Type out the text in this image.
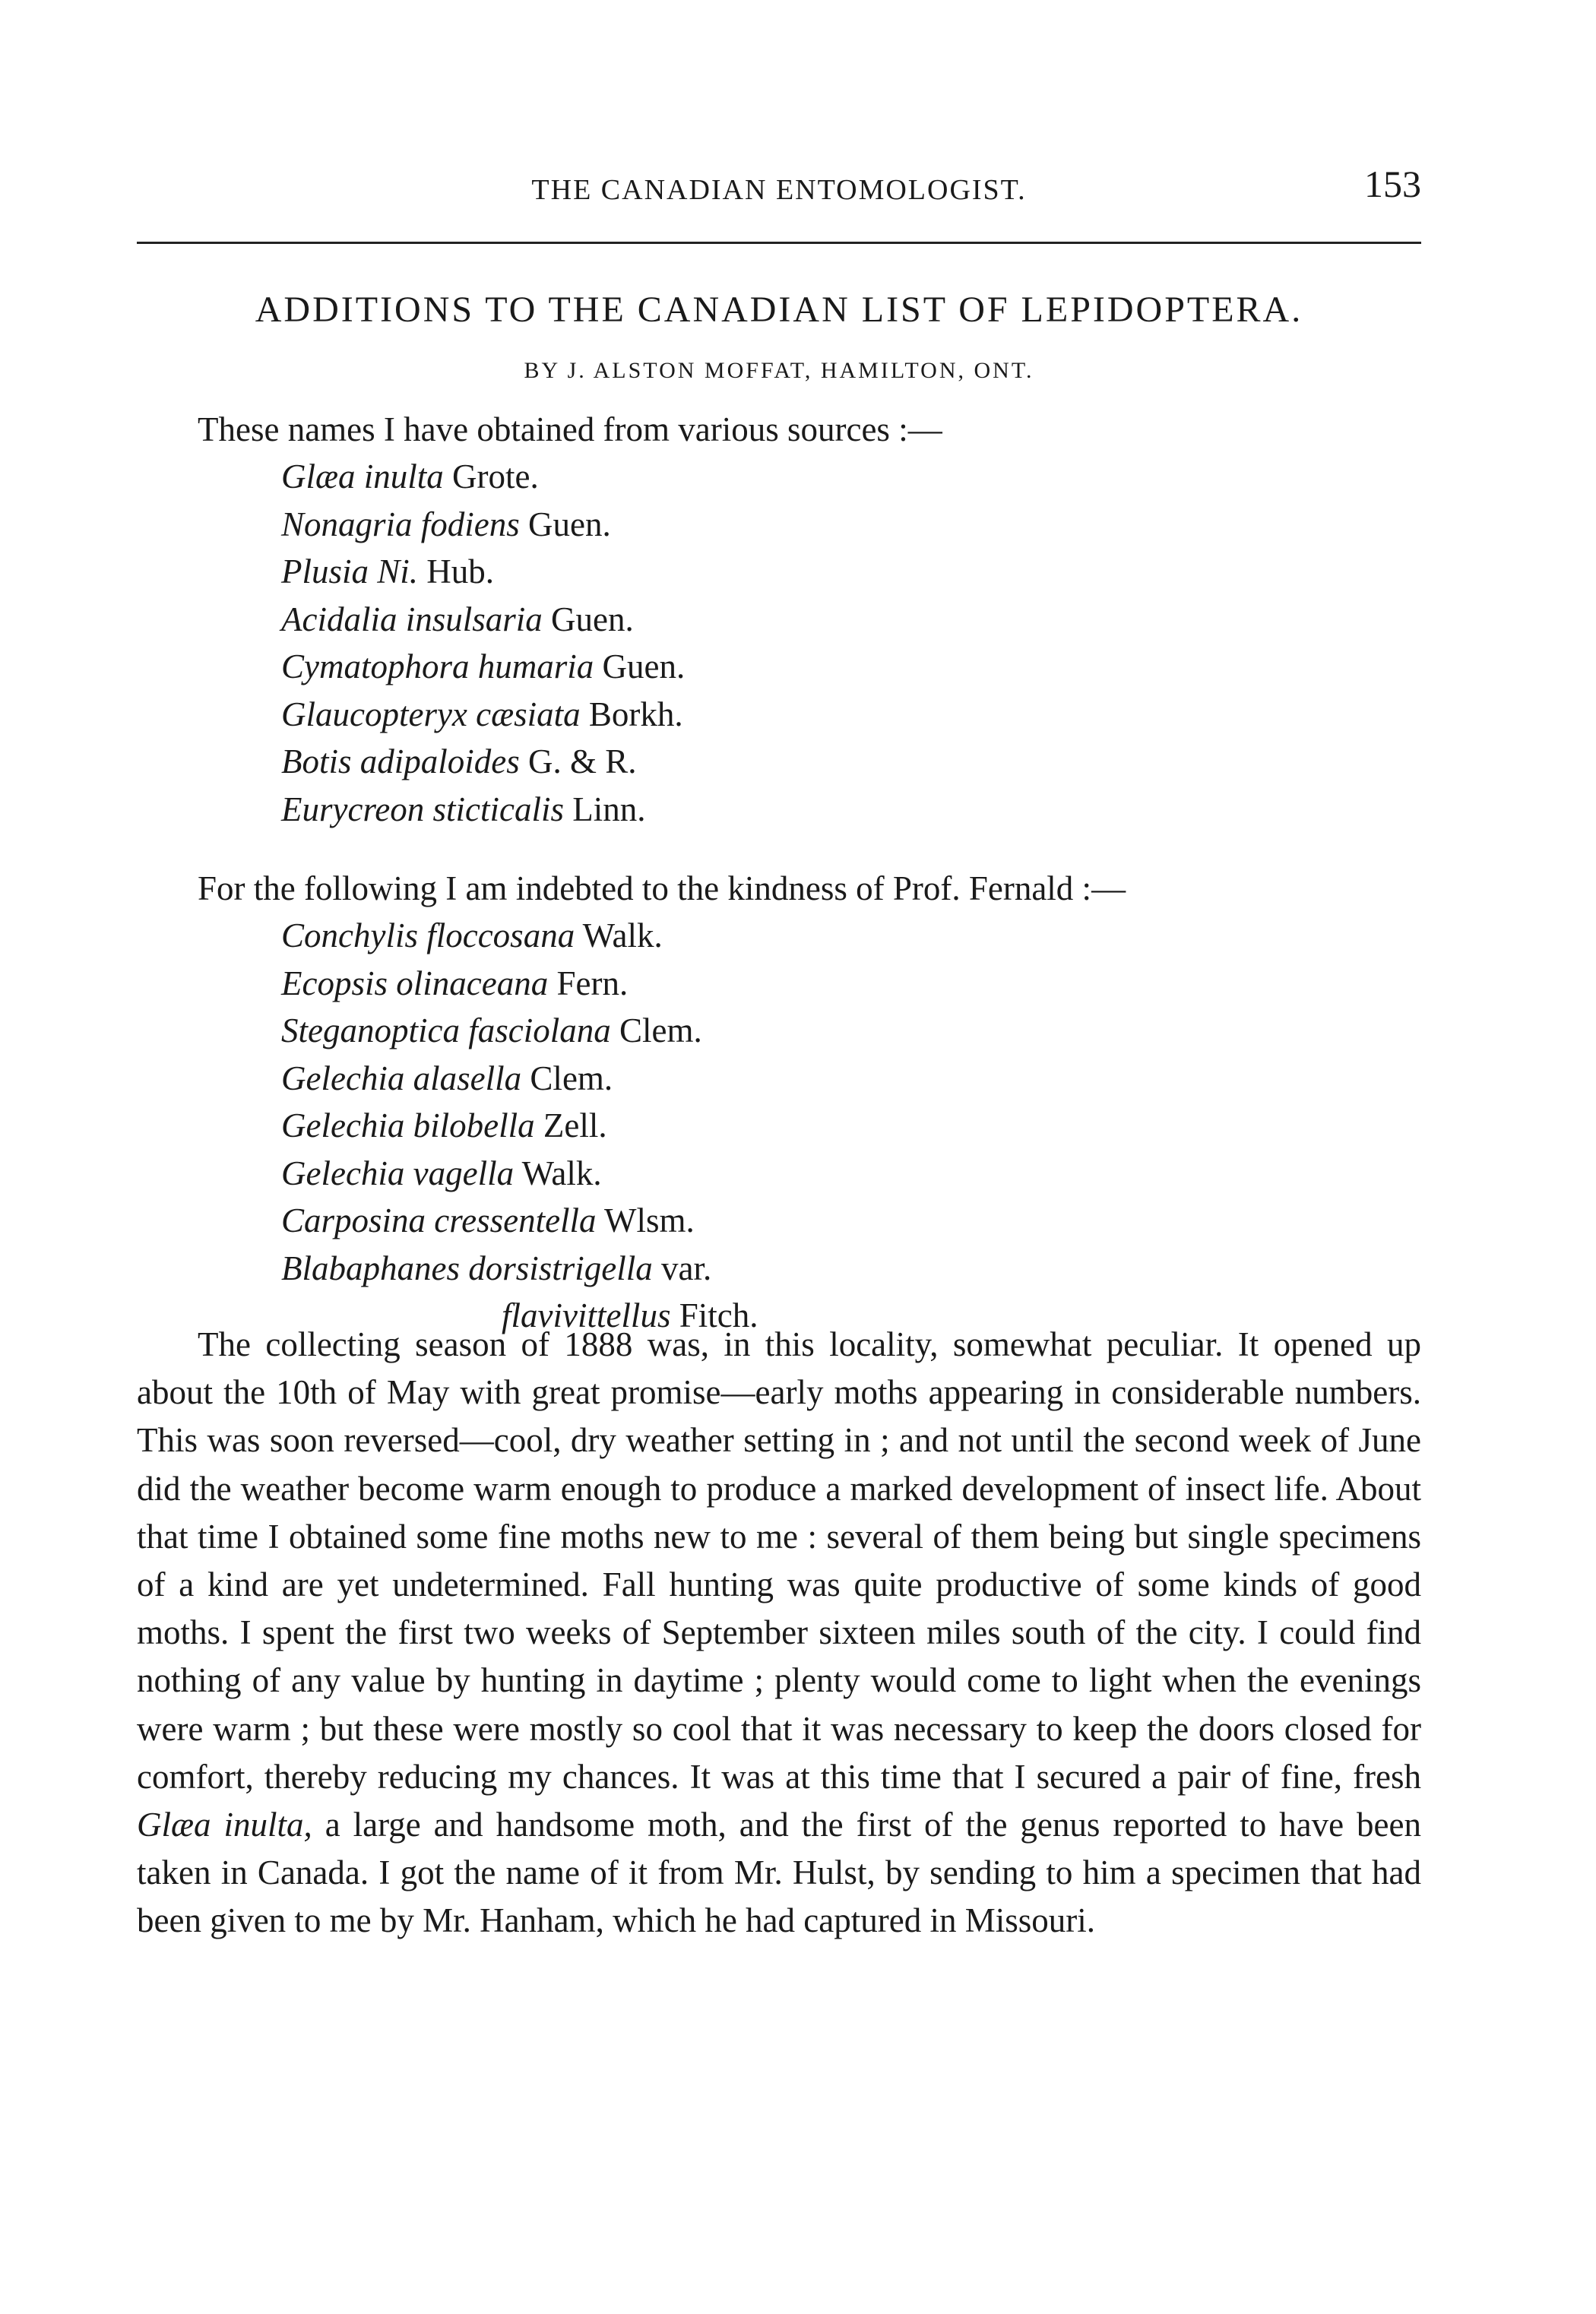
THE CANADIAN ENTOMOLOGIST.	153
ADDITIONS TO THE CANADIAN LIST OF LEPIDOPTERA.
BY J. ALSTON MOFFAT, HAMILTON, ONT.
These names I have obtained from various sources :—
Glæa inulta Grote.
Nonagria fodiens Guen.
Plusia Ni. Hub.
Acidalia insulsaria Guen.
Cymatophora humaria Guen.
Glaucopteryx cæsiata Borkh.
Botis adipaloides G. & R.
Eurycreon sticticalis Linn.
For the following I am indebted to the kindness of Prof. Fernald :—
Conchylis floccosana Walk.
Ecopsis olinaceana Fern.
Steganoptica fasciolana Clem.
Gelechia alasella Clem.
Gelechia bilobella Zell.
Gelechia vagella Walk.
Carposina cressentella Wlsm.
Blabaphanes dorsistrigella var.
flavivittellus Fitch.
The collecting season of 1888 was, in this locality, somewhat peculiar. It opened up about the 10th of May with great promise—early moths appearing in considerable numbers. This was soon reversed—cool, dry weather setting in ; and not until the second week of June did the weather become warm enough to produce a marked development of insect life. About that time I obtained some fine moths new to me : several of them being but single specimens of a kind are yet undetermined. Fall hunting was quite productive of some kinds of good moths. I spent the first two weeks of September sixteen miles south of the city. I could find nothing of any value by hunting in daytime ; plenty would come to light when the evenings were warm ; but these were mostly so cool that it was necessary to keep the doors closed for comfort, thereby reducing my chances. It was at this time that I secured a pair of fine, fresh Glæa inulta, a large and handsome moth, and the first of the genus reported to have been taken in Canada. I got the name of it from Mr. Hulst, by sending to him a specimen that had been given to me by Mr. Hanham, which he had captured in Missouri.
